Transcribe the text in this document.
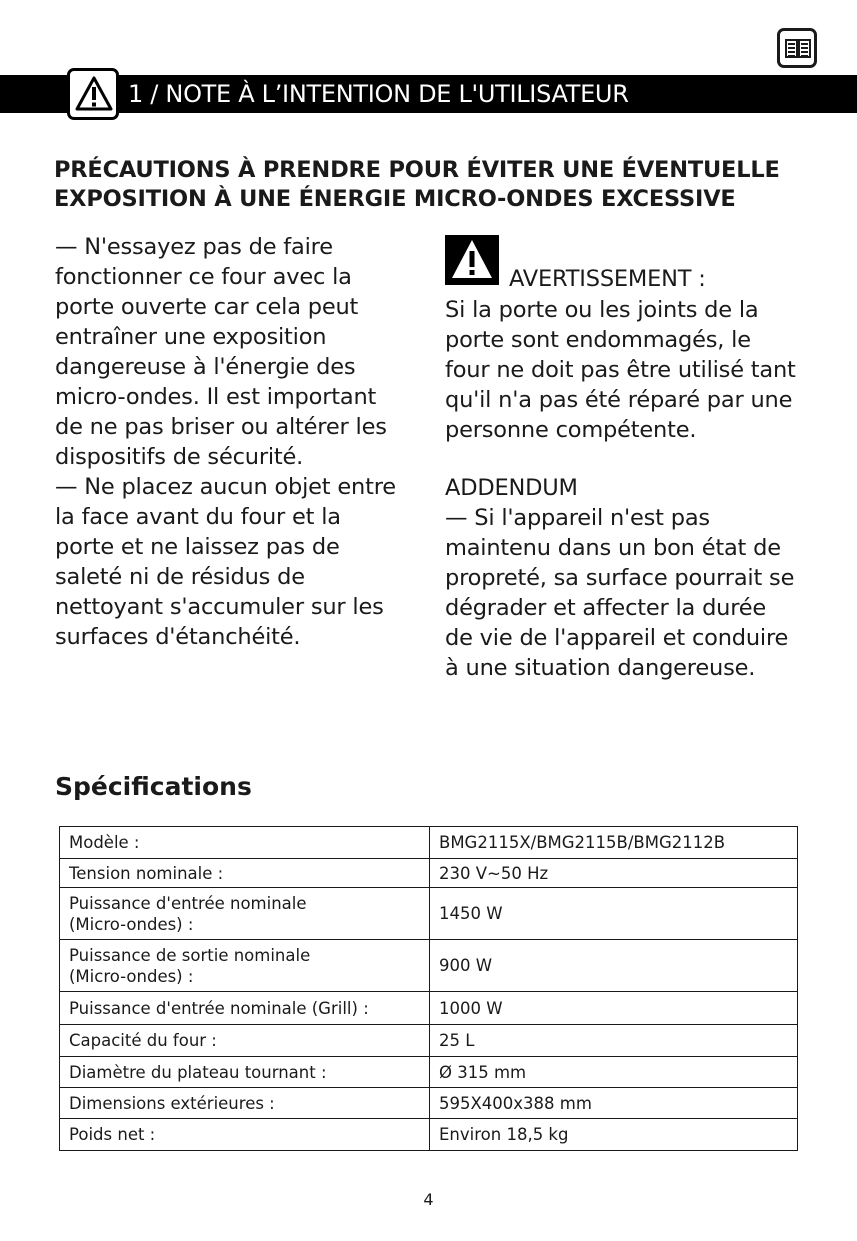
1 / NOTE À L’INTENTION DE L'UTILISATEUR
PRÉCAUTIONS À PRENDRE POUR ÉVITER UNE ÉVENTUELLE
EXPOSITION À UNE ÉNERGIE MICRO-ONDES EXCESSIVE
— N'essayez pas de faire
fonctionner ce four avec la
porte ouverte car cela peut
entraîner une exposition
dangereuse à l'énergie des
micro-ondes. Il est important
de ne pas briser ou altérer les
dispositifs de sécurité.
— Ne placez aucun objet entre
la face avant du four et la
porte et ne laissez pas de
saleté ni de résidus de
nettoyant s'accumuler sur les
surfaces d'étanchéité.
AVERTISSEMENT :
Si la porte ou les joints de la
porte sont endommagés, le
four ne doit pas être utilisé tant
qu'il n'a pas été réparé par une
personne compétente.
ADDENDUM
— Si l'appareil n'est pas
maintenu dans un bon état de
propreté, sa surface pourrait se
dégrader et affecter la durée
de vie de l'appareil et conduire
à une situation dangereuse.
Spécifications
Modèle :	BMG2115X/BMG2115B/BMG2112B

Tension nominale :	230 V~50 Hz

Puissance d'entrée nominale
(Micro-ondes) :	1450 W

Puissance de sortie nominale
(Micro-ondes) :	900 W

Puissance d'entrée nominale (Grill) :	1000 W

Capacité du four :	25 L

Diamètre du plateau tournant :	Ø 315 mm

Dimensions extérieures :	595X400x388 mm

Poids net :	Environ 18,5 kg
4
